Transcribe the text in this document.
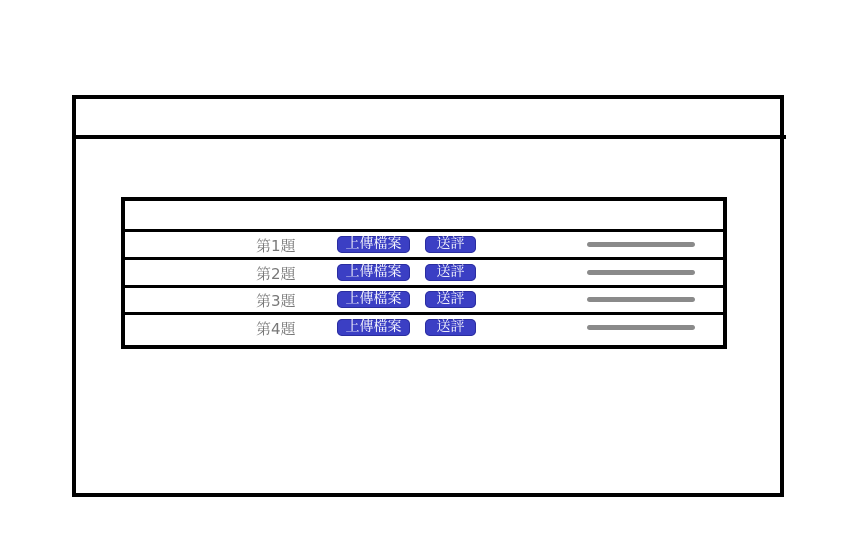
第1題	上傳檔案	送評
第2題	上傳檔案	送評
第3題	上傳檔案	送評
第4題	上傳檔案	送評
